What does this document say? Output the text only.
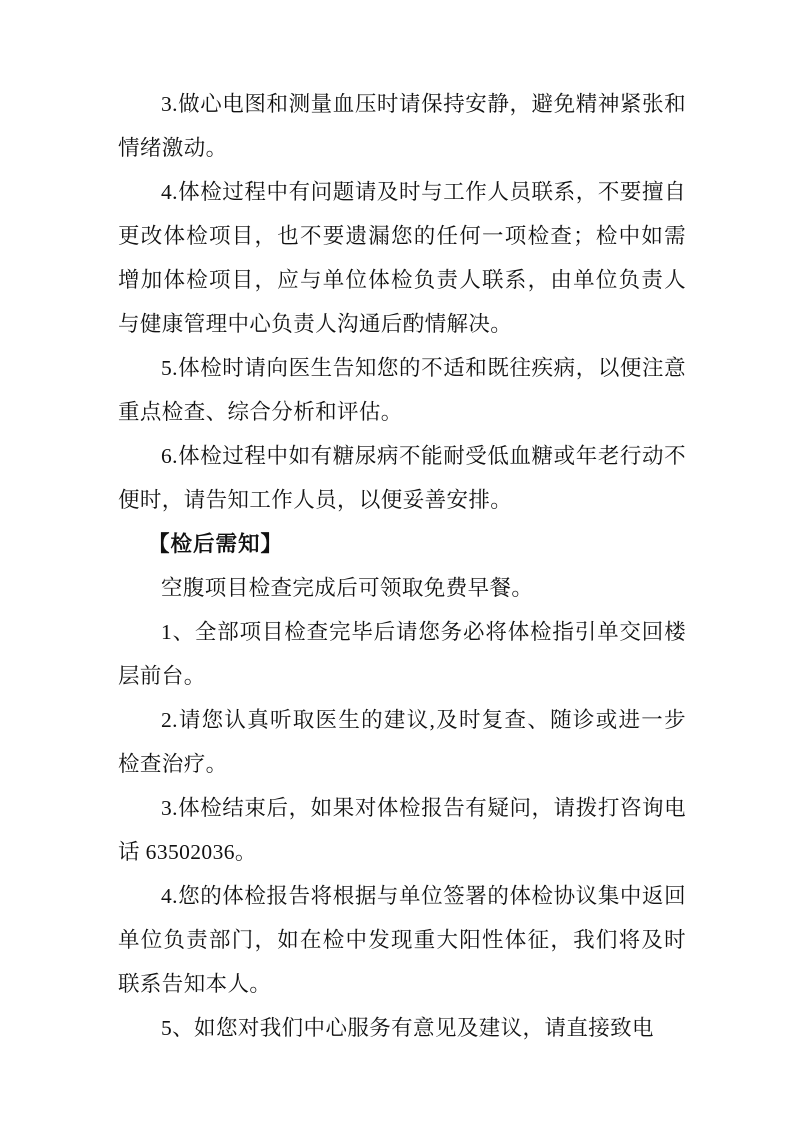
3.做心电图和测量血压时请保持安静，避免精神紧张和情绪激动。

4.体检过程中有问题请及时与工作人员联系，不要擅自更改体检项目，也不要遗漏您的任何一项检查；检中如需增加体检项目，应与单位体检负责人联系，由单位负责人与健康管理中心负责人沟通后酌情解决。

5.体检时请向医生告知您的不适和既往疾病，以便注意重点检查、综合分析和评估。

6.体检过程中如有糖尿病不能耐受低血糖或年老行动不便时，请告知工作人员，以便妥善安排。

【检后需知】

空腹项目检查完成后可领取免费早餐。

1、全部项目检查完毕后请您务必将体检指引单交回楼层前台。

2.请您认真听取医生的建议,及时复查、随诊或进一步检查治疗。

3.体检结束后，如果对体检报告有疑问，请拨打咨询电话 63502036。

4.您的体检报告将根据与单位签署的体检协议集中返回单位负责部门，如在检中发现重大阳性体征，我们将及时联系告知本人。

5、如您对我们中心服务有意见及建议，请直接致电
